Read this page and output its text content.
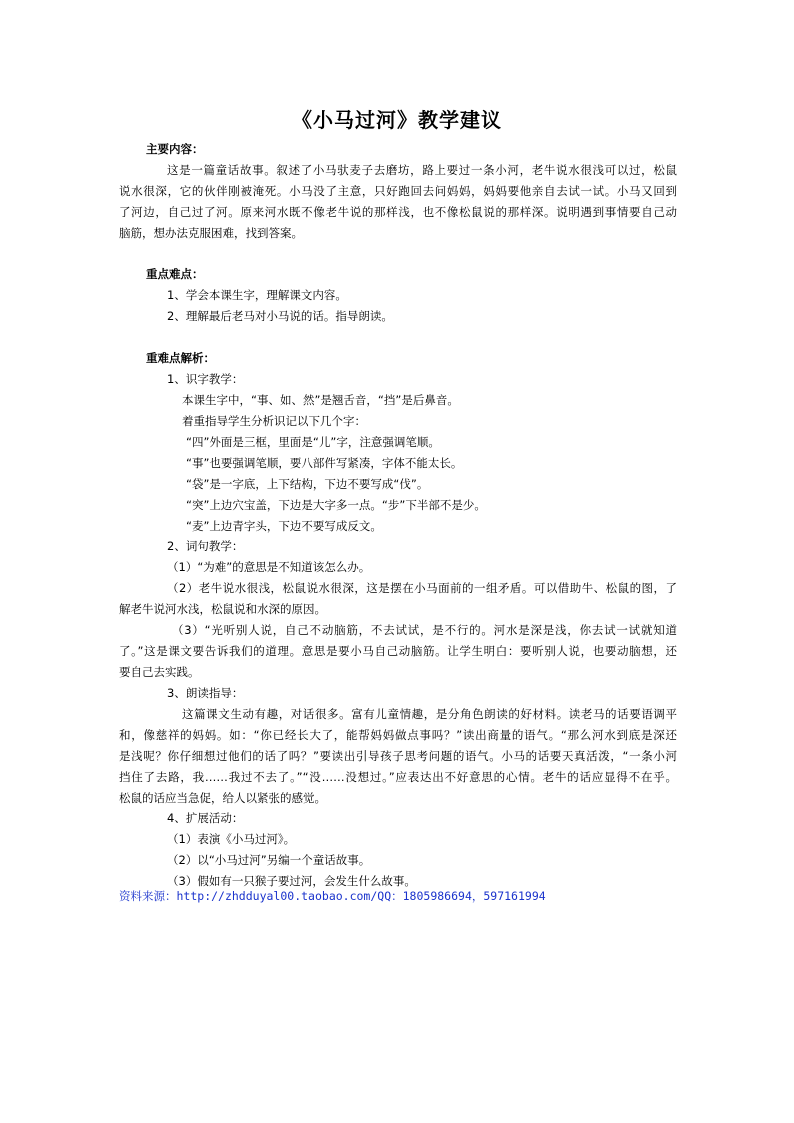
《小马过河》教学建议
主要内容：
这是一篇童话故事。叙述了小马驮麦子去磨坊，路上要过一条小河，老牛说水很浅可以过，松鼠
说水很深，它的伙伴刚被淹死。小马没了主意，只好跑回去问妈妈，妈妈要他亲自去试一试。小马又回到
了河边，自己过了河。原来河水既不像老牛说的那样浅，也不像松鼠说的那样深。说明遇到事情要自己动
脑筋，想办法克服困难，找到答案。
重点难点：
1、学会本课生字，理解课文内容。
2、理解最后老马对小马说的话。指导朗读。
重难点解析：
1、识字教学：
本课生字中，“事、如、然”是翘舌音，“挡”是后鼻音。
着重指导学生分析识记以下几个字：
“四”外面是三框，里面是“儿”字，注意强调笔顺。
“事”也要强调笔顺，要八部件写紧凑，字体不能太长。
“袋”是一字底，上下结构，下边不要写成“伐”。
“突”上边穴宝盖，下边是大字多一点。“步”下半部不是少。
“麦”上边青字头，下边不要写成反文。
2、词句教学：
（1）“为难”的意思是不知道该怎么办。
（2）老牛说水很浅，松鼠说水很深，这是摆在小马面前的一组矛盾。可以借助牛、松鼠的图，了
解老牛说河水浅，松鼠说和水深的原因。
（3）“光听别人说，自己不动脑筋，不去试试，是不行的。河水是深是浅，你去试一试就知道
了。”这是课文要告诉我们的道理。意思是要小马自己动脑筋。让学生明白：要听别人说，也要动脑想，还
要自己去实践。
3、朗读指导：
这篇课文生动有趣，对话很多。富有儿童情趣，是分角色朗读的好材料。读老马的话要语调平
和，像慈祥的妈妈。如：“你已经长大了，能帮妈妈做点事吗？”读出商量的语气。“那么河水到底是深还
是浅呢？你仔细想过他们的话了吗？”要读出引导孩子思考问题的语气。小马的话要天真活泼，“一条小河
挡住了去路，我……我过不去了。”“没……没想过。”应表达出不好意思的心情。老牛的话应显得不在乎。
松鼠的话应当急促，给人以紧张的感觉。
4、扩展活动：
（1）表演《小马过河》。
（2）以“小马过河”另编一个童话故事。
（3）假如有一只猴子要过河，会发生什么故事。
资料来源：http://zhdduyal00.taobao.com/QQ：1805986694，597161994
